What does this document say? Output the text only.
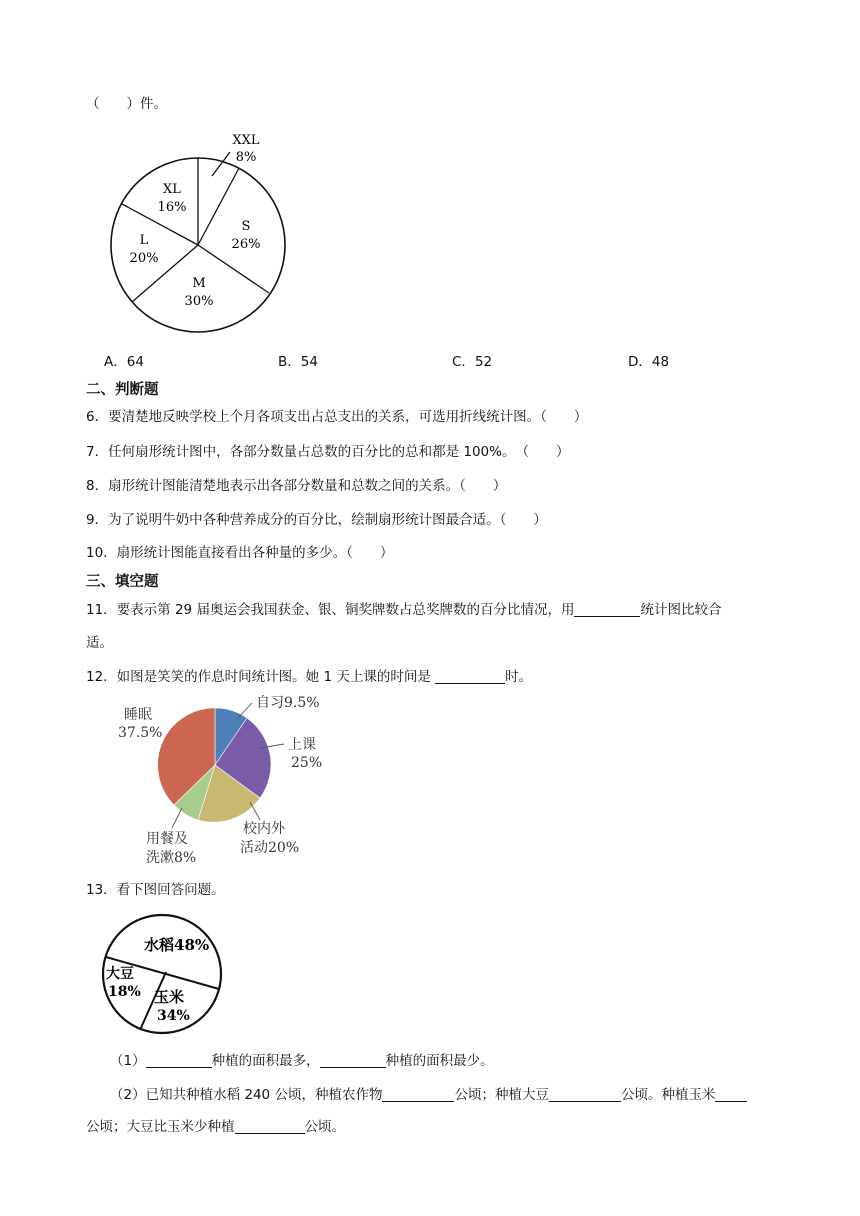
（　　）件。
XXL
8%
S
26%
M
30%
L
20%
XL
16%
A．64	B．54	C．52	D．48
二、判断题
6．要清楚地反映学校上个月各项支出占总支出的关系，可选用折线统计图。（　　）
7．任何扇形统计图中，各部分数量占总数的百分比的总和都是 100%。　（　　）
8．扇形统计图能清楚地表示出各部分数量和总数之间的关系。（　　）
9．为了说明牛奶中各种营养成分的百分比，绘制扇形统计图最合适。（　　）
10．扇形统计图能直接看出各种量的多少。（　　）
三、填空题
11．要表示第 29 届奥运会我国获金、银、铜奖牌数占总奖牌数的百分比情况，用	统计图比较合
适。
12．如图是笑笑的作息时间统计图。她 1 天上课的时间是	时。
自习9.5%
上课
25%
校内外
活动20%
用餐及
洗漱8%
睡眠
37.5%
13．看下图回答问题。
水稻48%
大豆
18% 玉米
34%
（1）	种植的面积最多，	种植的面积最少。
（2）已知共种植水稻 240 公顷，种植农作物	公顷；种植大豆	公顷。种植玉米
公顷；大豆比玉米少种植	公顷。
